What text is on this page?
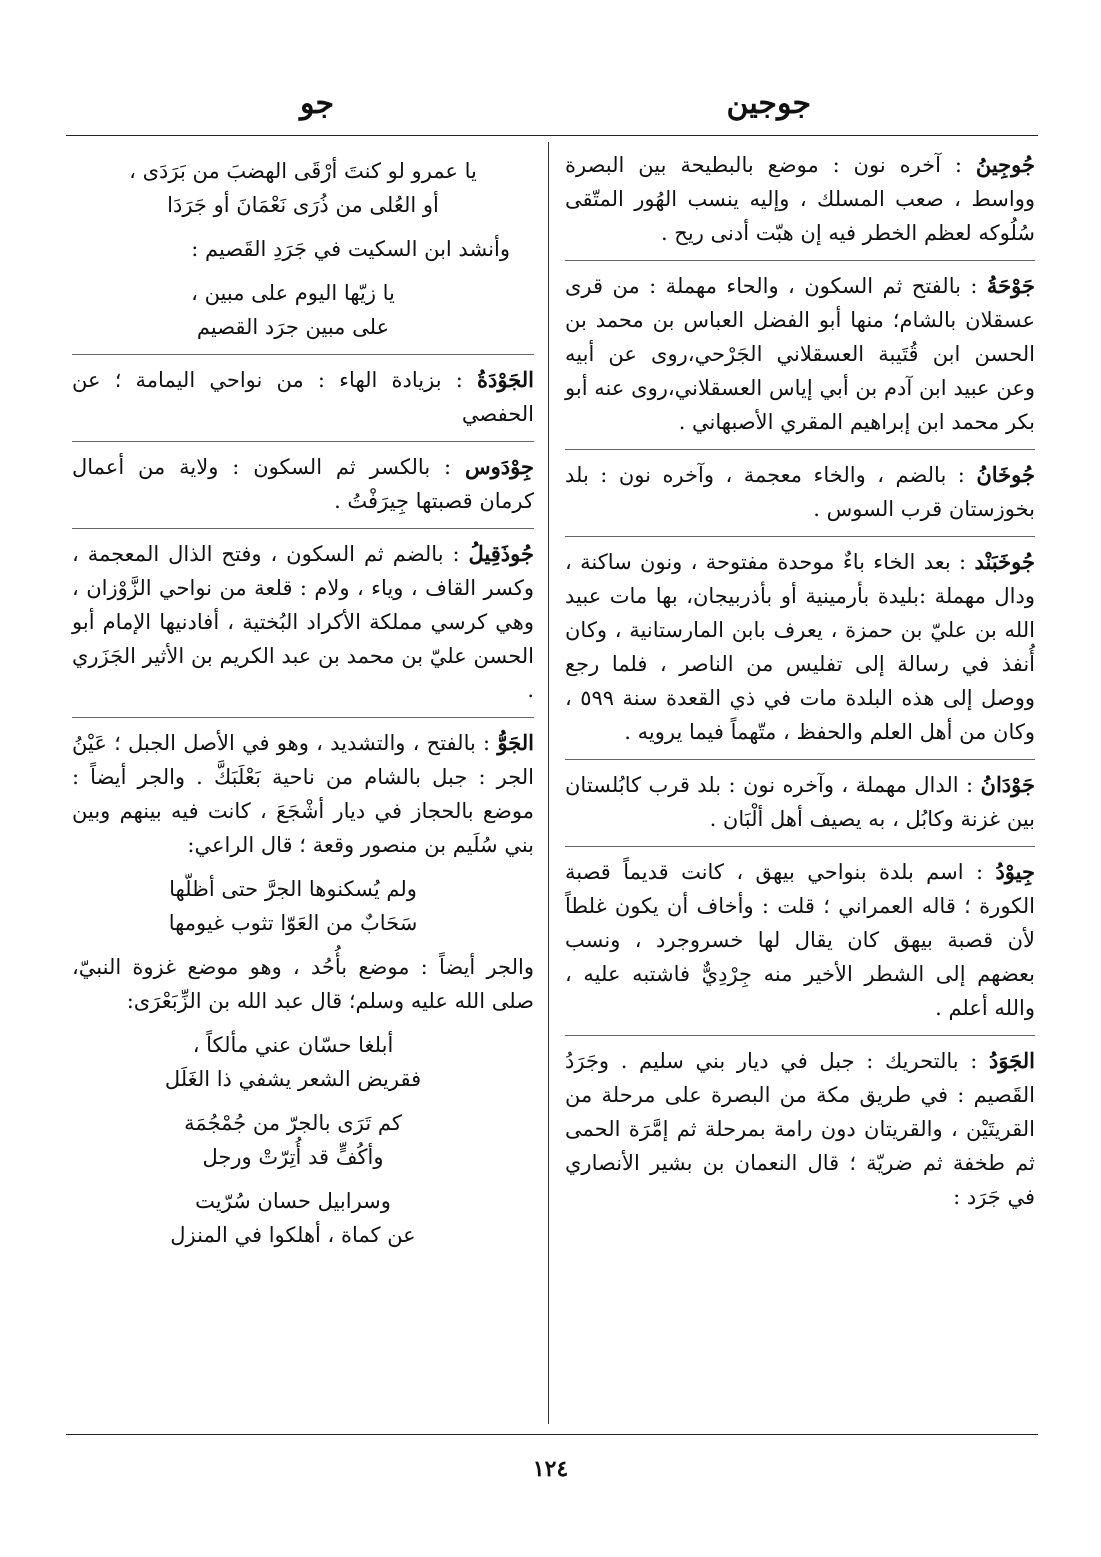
جوجين
جو
جُوجِينُ : آخره نون : موضع بالبطيحة بين البصرة وواسط ، صعب المسلك ، وإليه ينسب الهُور المتّقى سُلُوكه لعظم الخطر فيه إن هبّت أدنى ريح .
جَوْحَةُ : بالفتح ثم السكون ، والحاء مهملة : من قرى عسقلان بالشام؛ منها أبو الفضل العباس بن محمد بن الحسن ابن قُتَيبة العسقلاني الجَرْحي،روى عن أبيه وعن عبيد ابن آدم بن أبي إياس العسقلاني،روى عنه أبو بكر محمد ابن إبراهيم المقري الأصبهاني .
جُوخَانُ : بالضم ، والخاء معجمة ، وآخره نون : بلد بخوزستان قرب السوس .
جُوخَبَنْد : بعد الخاء باءٌ موحدة مفتوحة ، ونون ساكنة ، ودال مهملة :بليدة بأرمينية أو بأذربيجان، بها مات عبيد الله بن عليّ بن حمزة ، يعرف بابن المارستانية ، وكان أُنفذ في رسالة إلى تفليس من الناصر ، فلما رجع ووصل إلى هذه البلدة مات في ذي القعدة سنة ٥٩٩ ، وكان من أهل العلم والحفظ ، متّهماً فيما يرويه .
جَوْدَانُ : الدال مهملة ، وآخره نون : بلد قرب كابُلستان بين غزنة وكابُل ، به يصيف أهل ألْبَان .
جِيوْدُ : اسم بلدة بنواحي بيهق ، كانت قديماً قصبة الكورة ؛ قاله العمراني ؛ قلت : وأخاف أن يكون غلطاً لأن قصبة بيهق كان يقال لها خسروجرد ، ونسب بعضهم إلى الشطر الأخير منه جِرْدِيٌّ فاشتبه عليه ، والله أعلم .
الجَوَدُ : بالتحريك : جبل في ديار بني سليم . وجَرَدُ القَصيم : في طريق مكة من البصرة على مرحلة من القريتَيْن ، والقريتان دون رامة بمرحلة ثم إمَّرَة الحمى ثم طخفة ثم ضريّة ؛ قال النعمان بن بشير الأنصاري في جَرَد :
يا عمرو لو كنتَ أرْقَى الهضبَ من بَرَدَى ،
أو العُلى من ذُرَى نَعْمَانَ أو جَرَدَا
وأنشد ابن السكيت في جَرَدِ القَصيم :
يا زيّها اليوم على مبين ،
على مبين جرَد القصيم
الجَوْدَةُ : بزيادة الهاء : من نواحي اليمامة ؛ عن الحفصي
جِوْدَوس : بالكسر ثم السكون : ولاية من أعمال كرمان قصبتها جِيرَفْتُ .
جُوذَقِيلُ : بالضم ثم السكون ، وفتح الذال المعجمة ، وكسر القاف ، وياء ، ولام : قلعة من نواحي الزَّوْزان ، وهي كرسي مملكة الأكراد البُختية ، أفادنيها الإمام أبو الحسن عليّ بن محمد بن عبد الكريم بن الأثير الجَزَري .
الجَوُّ : بالفتح ، والتشديد ، وهو في الأصل الجبل ؛ عَيْنُ الجر : جبل بالشام من ناحية بَعْلَبَكَّ . والجر أيضاً : موضع بالحجاز في ديار أشْجَعَ ، كانت فيه بينهم وبين بني سُلَيم بن منصور وقعة ؛ قال الراعي:
ولم يُسكنوها الجرَّ حتى أظلّها
سَحَابٌ من العَوّا تثوب غيومها
والجر أيضاً : موضع بأُحُد ، وهو موضع غزوة النبيّ، صلى الله عليه وسلم؛ قال عبد الله بن الزِّبَعْرَى:
أبلغا حسّان عني مألكاً ،
فقريض الشعر يشفي ذا الغَلَل
كم تَرَى بالجرّ من جُمْجُمَة
وأكُفٍّ قد أُتِرّتْ ورجل
وسرابيل حسان سُرّيت
عن كماة ، أهلكوا في المنزل
١٢٤
